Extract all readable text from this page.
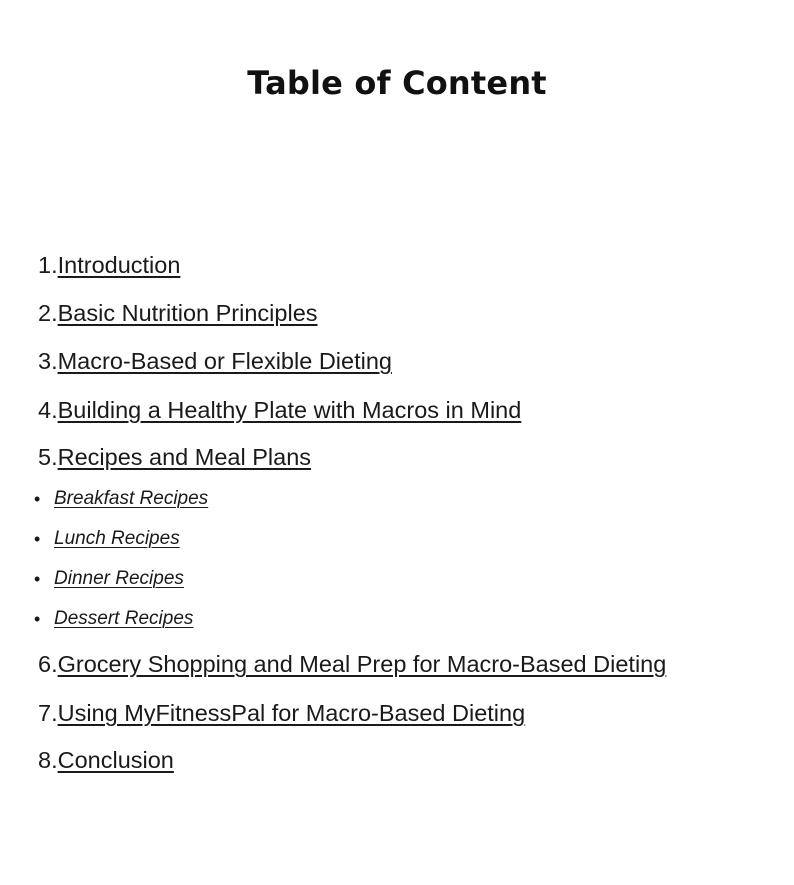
Table of Content
1.Introduction
2.Basic Nutrition Principles
3.Macro-Based or Flexible Dieting
4.Building a Healthy Plate with Macros in Mind
5.Recipes and Meal Plans
• Breakfast Recipes
• Lunch Recipes
• Dinner Recipes
• Dessert Recipes
6.Grocery Shopping and Meal Prep for Macro-Based Dieting
7.Using MyFitnessPal for Macro-Based Dieting
8.Conclusion
